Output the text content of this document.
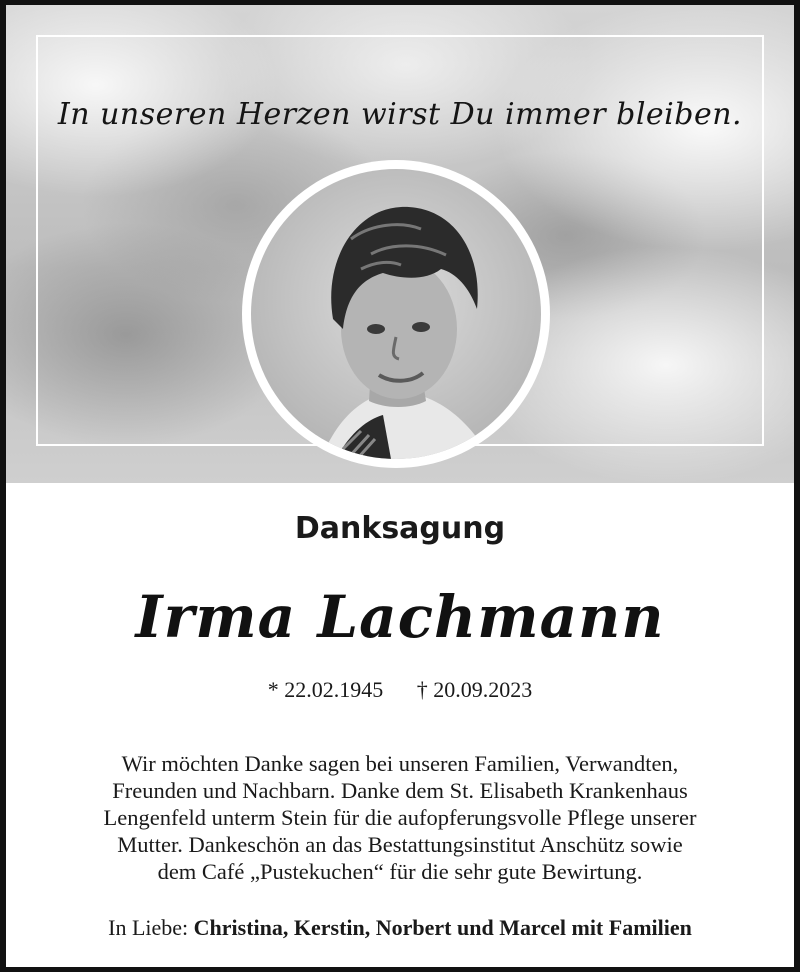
In unseren Herzen wirst Du immer bleiben.

Danksagung
Irma Lachmann
* 22.02.1945 † 20.09.2023

Wir möchten Danke sagen bei unseren Familien, Verwandten,
Freunden und Nachbarn. Danke dem St. Elisabeth Krankenhaus
Lengenfeld unterm Stein für die aufopferungsvolle Pflege unserer
Mutter. Dankeschön an das Bestattungsinstitut Anschütz sowie
dem Café „Pustekuchen“ für die sehr gute Bewirtung.

In Liebe: Christina, Kerstin, Norbert und Marcel mit Familien
